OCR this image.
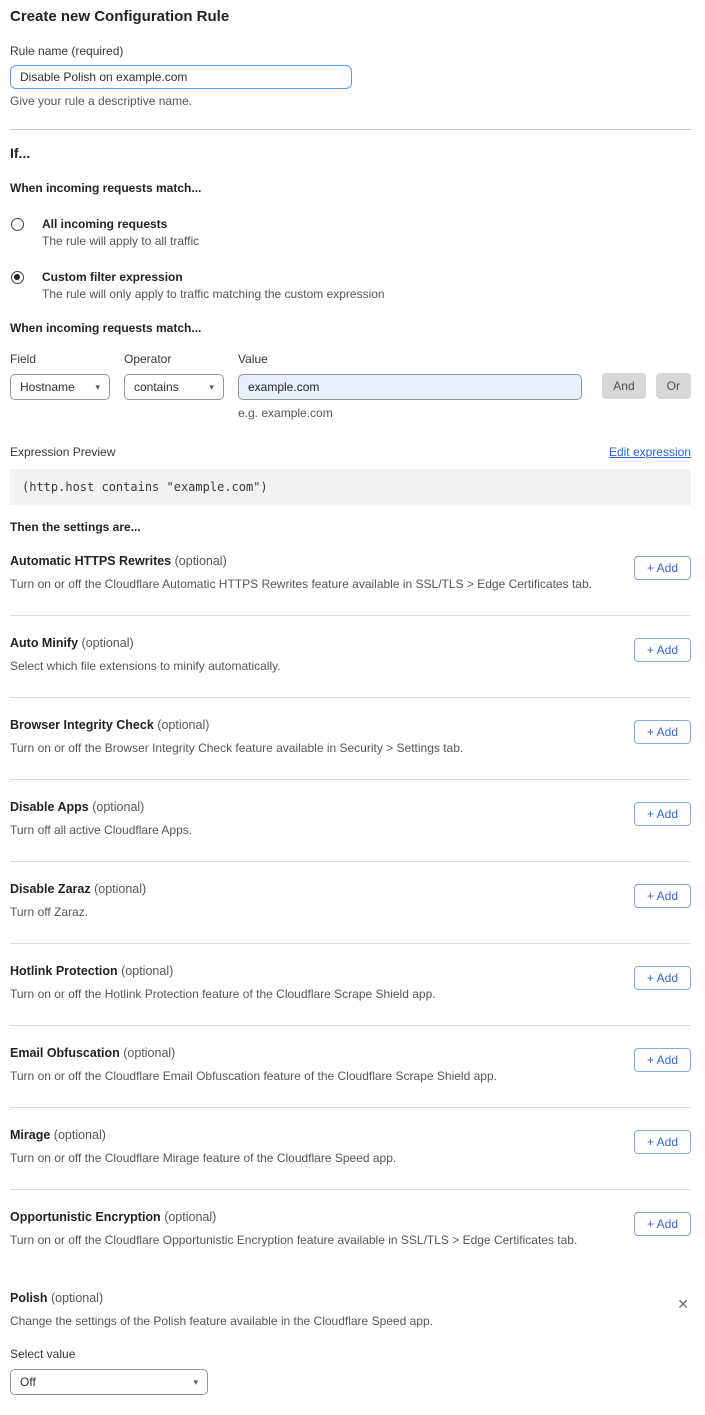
Create new Configuration Rule
Rule name (required)
Disable Polish on example.com
Give your rule a descriptive name.
If...
When incoming requests match...
All incoming requests
The rule will apply to all traffic
Custom filter expression
The rule will only apply to traffic matching the custom expression
When incoming requests match...
Field
Hostname ▾
Operator
contains	▾
Value
example.com
e.g. example.com
And	Or
Expression Preview	Edit expression
(http.host contains "example.com")
Then the settings are...
Automatic HTTPS Rewrites (optional)
Turn on or off the Cloudflare Automatic HTTPS Rewrites feature available in SSL/TLS > Edge Certificates tab.
+ Add
Auto Minify (optional)
Select which file extensions to minify automatically.
+ Add
Browser Integrity Check (optional)
Turn on or off the Browser Integrity Check feature available in Security > Settings tab.
+ Add
Disable Apps (optional)
Turn off all active Cloudflare Apps.
+ Add
Disable Zaraz (optional)
Turn off Zaraz.
+ Add
Hotlink Protection (optional)
Turn on or off the Hotlink Protection feature of the Cloudflare Scrape Shield app.
+ Add
Email Obfuscation (optional)
Turn on or off the Cloudflare Email Obfuscation feature of the Cloudflare Scrape Shield app.
+ Add
Mirage (optional)
Turn on or off the Cloudflare Mirage feature of the Cloudflare Speed app.
+ Add
Opportunistic Encryption (optional)
Turn on or off the Cloudflare Opportunistic Encryption feature available in SSL/TLS > Edge Certificates tab.
+ Add
Polish (optional)
Change the settings of the Polish feature available in the Cloudflare Speed app.
Select value
Off	▾
✕
